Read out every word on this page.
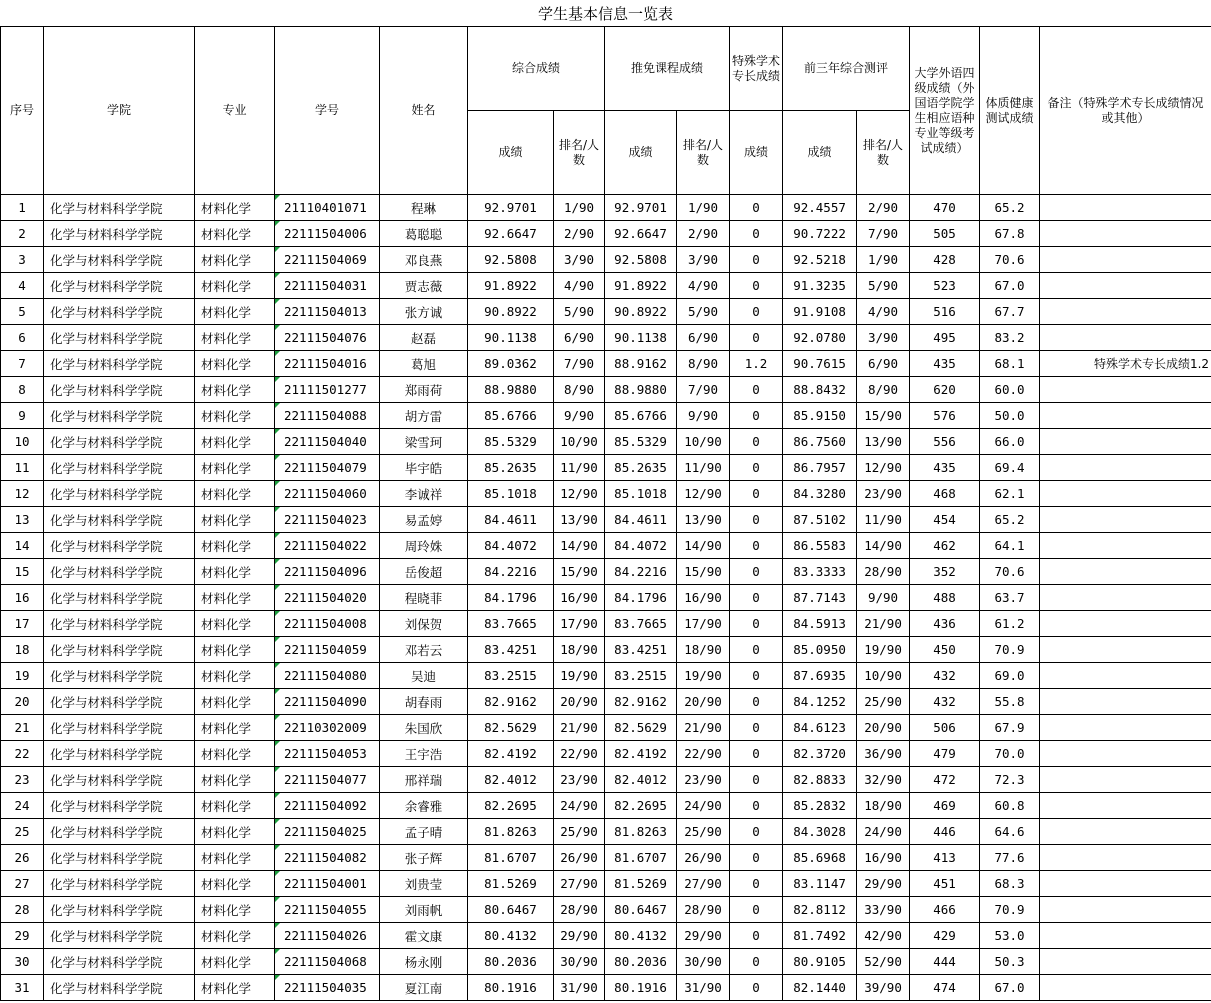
学生基本信息一览表
序号	学院	专业	学号	姓名	综合成绩		推免课程成绩		特殊学术专长成绩	前三年综合测评		大学外语四级成绩（外国语学院学生相应语种专业等级考试成绩）	体质健康测试成绩	备注（特殊学术专长成绩情况或其他）
					成绩	排名/人数	成绩	排名/人数	成绩	成绩	排名/人数			
1	化学与材料科学学院	材料化学	21110401071	程琳	92.9701	1/90	92.9701	1/90	0	92.4557	2/90	470	65.2	
2	化学与材料科学学院	材料化学	22111504006	葛聪聪	92.6647	2/90	92.6647	2/90	0	90.7222	7/90	505	67.8	
3	化学与材料科学学院	材料化学	22111504069	邓良燕	92.5808	3/90	92.5808	3/90	0	92.5218	1/90	428	70.6	
4	化学与材料科学学院	材料化学	22111504031	贾志薇	91.8922	4/90	91.8922	4/90	0	91.3235	5/90	523	67.0	
5	化学与材料科学学院	材料化学	22111504013	张方诚	90.8922	5/90	90.8922	5/90	0	91.9108	4/90	516	67.7	
6	化学与材料科学学院	材料化学	22111504076	赵磊	90.1138	6/90	90.1138	6/90	0	92.0780	3/90	495	83.2	
7	化学与材料科学学院	材料化学	22111504016	葛旭	89.0362	7/90	88.9162	8/90	1.2	90.7615	6/90	435	68.1	特殊学术专长成绩1.2
8	化学与材料科学学院	材料化学	21111501277	郑雨荷	88.9880	8/90	88.9880	7/90	0	88.8432	8/90	620	60.0	
9	化学与材料科学学院	材料化学	22111504088	胡方雷	85.6766	9/90	85.6766	9/90	0	85.9150	15/90	576	50.0	
10	化学与材料科学学院	材料化学	22111504040	梁雪珂	85.5329	10/90	85.5329	10/90	0	86.7560	13/90	556	66.0	
11	化学与材料科学学院	材料化学	22111504079	毕宇皓	85.2635	11/90	85.2635	11/90	0	86.7957	12/90	435	69.4	
12	化学与材料科学学院	材料化学	22111504060	李诚祥	85.1018	12/90	85.1018	12/90	0	84.3280	23/90	468	62.1	
13	化学与材料科学学院	材料化学	22111504023	易孟婷	84.4611	13/90	84.4611	13/90	0	87.5102	11/90	454	65.2	
14	化学与材料科学学院	材料化学	22111504022	周玲姝	84.4072	14/90	84.4072	14/90	0	86.5583	14/90	462	64.1	
15	化学与材料科学学院	材料化学	22111504096	岳俊超	84.2216	15/90	84.2216	15/90	0	83.3333	28/90	352	70.6	
16	化学与材料科学学院	材料化学	22111504020	程晓菲	84.1796	16/90	84.1796	16/90	0	87.7143	9/90	488	63.7	
17	化学与材料科学学院	材料化学	22111504008	刘保贺	83.7665	17/90	83.7665	17/90	0	84.5913	21/90	436	61.2	
18	化学与材料科学学院	材料化学	22111504059	邓若云	83.4251	18/90	83.4251	18/90	0	85.0950	19/90	450	70.9	
19	化学与材料科学学院	材料化学	22111504080	吴迪	83.2515	19/90	83.2515	19/90	0	87.6935	10/90	432	69.0	
20	化学与材料科学学院	材料化学	22111504090	胡春雨	82.9162	20/90	82.9162	20/90	0	84.1252	25/90	432	55.8	
21	化学与材料科学学院	材料化学	22110302009	朱国欣	82.5629	21/90	82.5629	21/90	0	84.6123	20/90	506	67.9	
22	化学与材料科学学院	材料化学	22111504053	王宇浩	82.4192	22/90	82.4192	22/90	0	82.3720	36/90	479	70.0	
23	化学与材料科学学院	材料化学	22111504077	邢祥瑞	82.4012	23/90	82.4012	23/90	0	82.8833	32/90	472	72.3	
24	化学与材料科学学院	材料化学	22111504092	余睿雅	82.2695	24/90	82.2695	24/90	0	85.2832	18/90	469	60.8	
25	化学与材料科学学院	材料化学	22111504025	孟子晴	81.8263	25/90	81.8263	25/90	0	84.3028	24/90	446	64.6	
26	化学与材料科学学院	材料化学	22111504082	张子辉	81.6707	26/90	81.6707	26/90	0	85.6968	16/90	413	77.6	
27	化学与材料科学学院	材料化学	22111504001	刘贵莹	81.5269	27/90	81.5269	27/90	0	83.1147	29/90	451	68.3	
28	化学与材料科学学院	材料化学	22111504055	刘雨帆	80.6467	28/90	80.6467	28/90	0	82.8112	33/90	466	70.9	
29	化学与材料科学学院	材料化学	22111504026	霍文康	80.4132	29/90	80.4132	29/90	0	81.7492	42/90	429	53.0	
30	化学与材料科学学院	材料化学	22111504068	杨永刚	80.2036	30/90	80.2036	30/90	0	80.9105	52/90	444	50.3	
31	化学与材料科学学院	材料化学	22111504035	夏江南	80.1916	31/90	80.1916	31/90	0	82.1440	39/90	474	67.0	
